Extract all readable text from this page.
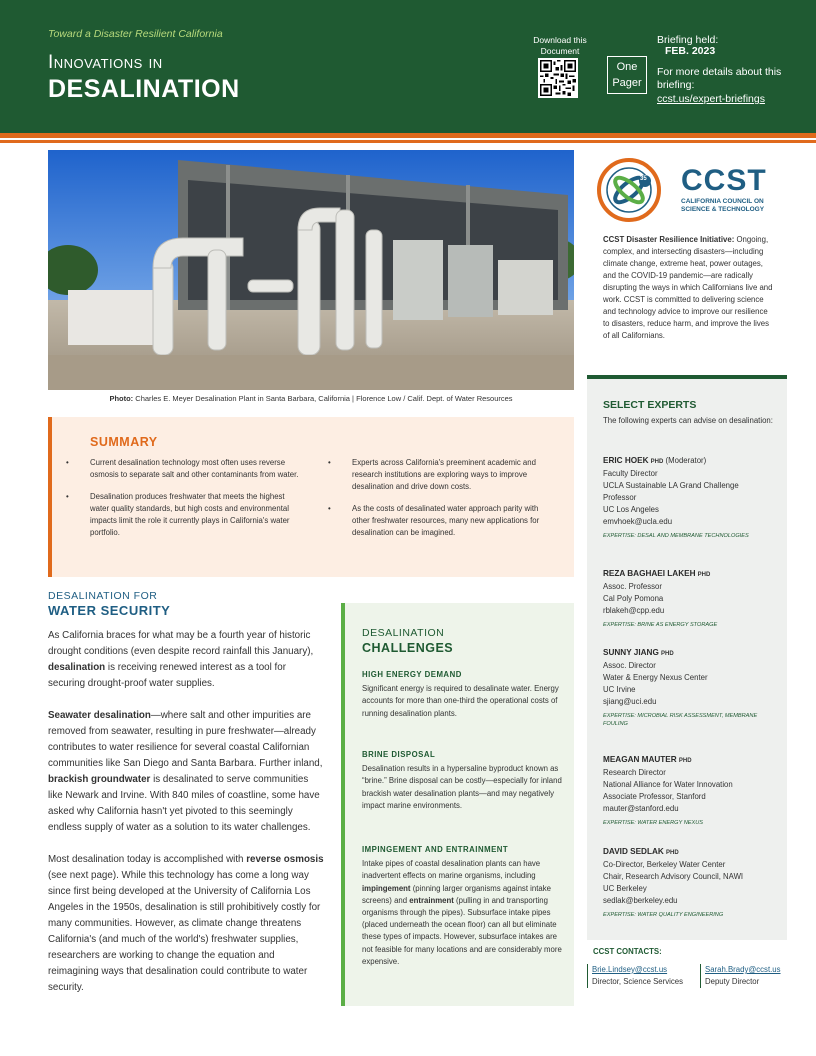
Toward a Disaster Resilient California
Innovations in
DESALINATION
Download this Document
One Pager
Briefing held:
FEB. 2023
For more details about this briefing:
ccst.us/expert-briefings
Photo: Charles E. Meyer Desalination Plant in Santa Barbara, California | Florence Low / Calif. Dept. of Water Resources
SUMMARY
• Current desalination technology most often uses reverse osmosis to separate salt and other contaminants from water.
• Desalination produces freshwater that meets the highest water quality standards, but high costs and environmental impacts limit the role it currently plays in California's water portfolio.
• Experts across California's preeminent academic and research institutions are exploring ways to improve desalination and drive down costs.
• As the costs of desalinated water approach parity with other freshwater resources, many new applications for desalination can be imagined.
35 CCST
CALIFORNIA COUNCIL ON
SCIENCE & TECHNOLOGY
CCST Disaster Resilience Initiative: Ongoing, complex, and intersecting disasters—including climate change, extreme heat, power outages, and the COVID-19 pandemic—are radically disrupting the ways in which Californians live and work. CCST is committed to delivering science and technology advice to improve our resilience to disasters, reduce harm, and improve the lives of all Californians.
SELECT EXPERTS
The following experts can advise on desalination:
ERIC HOEK PHD (Moderator)
Faculty Director
UCLA Sustainable LA Grand Challenge
Professor
UC Los Angeles
emvhoek@ucla.edu
EXPERTISE: DESAL AND MEMBRANE TECHNOLOGIES
REZA BAGHAEI LAKEH PHD
Assoc. Professor
Cal Poly Pomona
rblakeh@cpp.edu
EXPERTISE: BRINE AS ENERGY STORAGE
SUNNY JIANG PHD
Assoc. Director
Water & Energy Nexus Center
UC Irvine
sjiang@uci.edu
EXPERTISE: MICROBIAL RISK ASSESSMENT, MEMBRANE FOULING
MEAGAN MAUTER PHD
Research Director
National Alliance for Water Innovation
Associate Professor, Stanford
mauter@stanford.edu
EXPERTISE: WATER ENERGY NEXUS
DAVID SEDLAK PHD
Co-Director, Berkeley Water Center
Chair, Research Advisory Council, NAWI
UC Berkeley
sedlak@berkeley.edu
EXPERTISE: WATER QUALITY ENGINEERING
CCST CONTACTS:
Brie.Lindsey@ccst.us
Director, Science Services
Sarah.Brady@ccst.us
Deputy Director
DESALINATION FOR
WATER SECURITY

As California braces for what may be a fourth year of historic drought conditions (even despite record rainfall this January), desalination is receiving renewed interest as a tool for securing drought-proof water supplies.

Seawater desalination—where salt and other impurities are removed from seawater, resulting in pure freshwater—already contributes to water resilience for several coastal Californian communities like San Diego and Santa Barbara. Further inland, brackish groundwater is desalinated to serve communities like Newark and Irvine. With 840 miles of coastline, some have asked why California hasn't yet pivoted to this seemingly endless supply of water as a solution to its water challenges.

Most desalination today is accomplished with reverse osmosis (see next page). While this technology has come a long way since first being developed at the University of California Los Angeles in the 1950s, desalination is still prohibitively costly for many communities. However, as climate change threatens California's (and much of the world's) freshwater supplies, researchers are working to change the equation and reimagining ways that desalination could contribute to water security.

DESALINATION
CHALLENGES
HIGH ENERGY DEMAND
Significant energy is required to desalinate water. Energy accounts for more than one-third the operational costs of running desalination plants.
BRINE DISPOSAL
Desalination results in a hypersaline byproduct known as “brine.” Brine disposal can be costly—especially for inland brackish water desalination plants—and may negatively impact marine environments.
IMPINGEMENT AND ENTRAINMENT
Intake pipes of coastal desalination plants can have inadvertent effects on marine organisms, including impingement (pinning larger organisms against intake screens) and entrainment (pulling in and transporting organisms through the pipes). Subsurface intake pipes (placed underneath the ocean floor) can all but eliminate these types of impacts. However, subsurface intakes are not feasible for many locations and are considerably more expensive.
